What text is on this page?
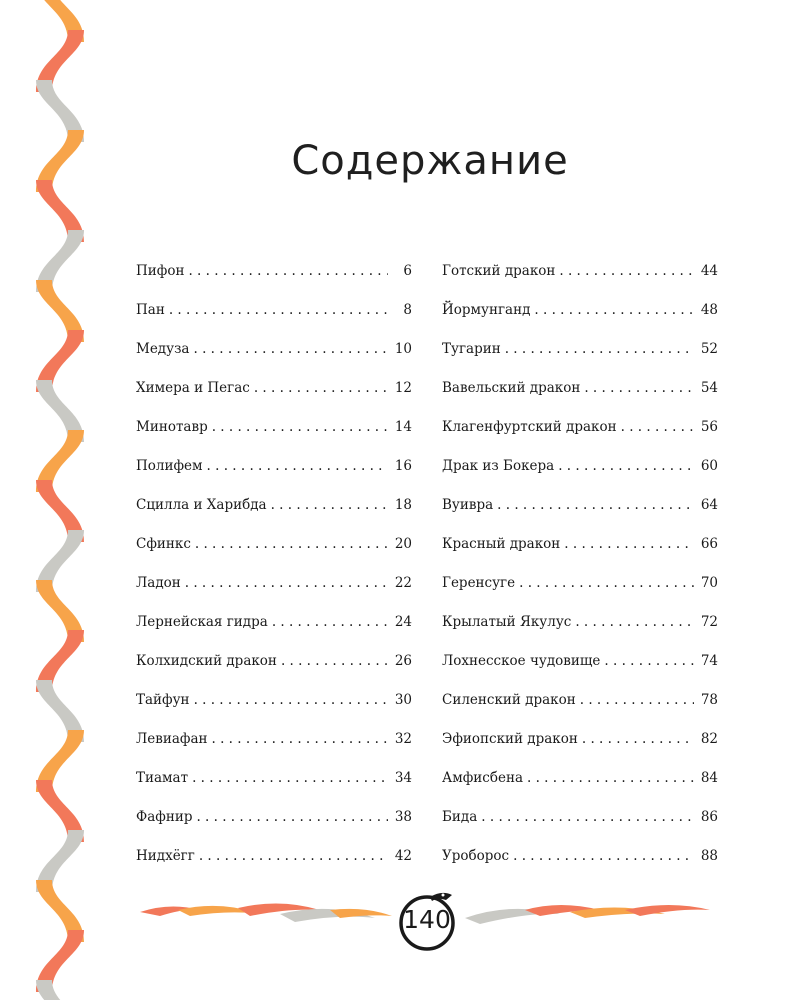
Содержание
Пифон . . .	6
Пан . . .	8
Медуза . . .	10
Химера и Пегас . . .	12
Минотавр . . .	14
Полифем . . .	16
Сцилла и Харибда . . .	18
Сфинкс . . .	20
Ладон . . .	22
Лернейская гидра . . .	24
Колхидский дракон . . .	26
Тайфун . . .	30
Левиафан . . .	32
Тиамат . . .	34
Фафнир . . .	38
Нидхёгг . . .	42
Готский дракон . . .	44
Йормунганд . . .	48
Тугарин . . .	52
Вавельский дракон . . .	54
Клагенфуртский дракон . . .	56
Драк из Бокера . . .	60
Вуивра . . .	64
Красный дракон . . .	66
Геренсуге . . .	70
Крылатый Якулус . . .	72
Лохнесское чудовище . . .	74
Силенский дракон . . .	78
Эфиопский дракон . . .	82
Амфисбена . . .	84
Бида . . .	86
Уроборос . . .	88
140
